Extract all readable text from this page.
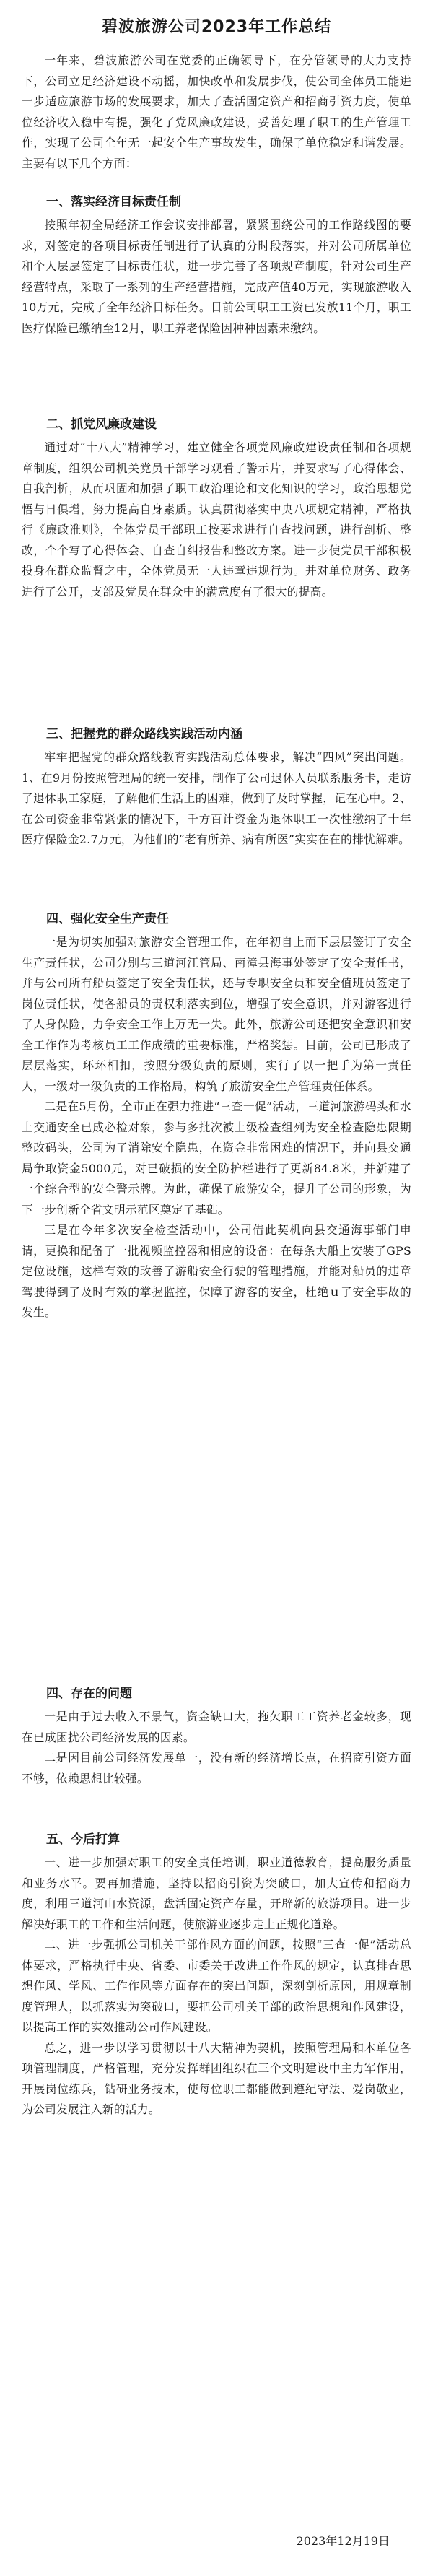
碧波旅游公司2023年工作总结

一年来，碧波旅游公司在党委的正确领导下，在分管领导的大力支持下，公司立足经济建设不动摇，加快改革和发展步伐，使公司全体员工能进一步适应旅游市场的发展要求，加大了查活固定资产和招商引资力度，使单位经济收入稳中有提，强化了党风廉政建设，妥善处理了职工的生产管理工作，实现了公司全年无一起安全生产事故发生，确保了单位稳定和谐发展。主要有以下几个方面：

一、落实经济目标责任制

按照年初全局经济工作会议安排部署，紧紧围绕公司的工作路线图的要求，对签定的各项目标责任制进行了认真的分时段落实，并对公司所属单位和个人层层签定了目标责任状，进一步完善了各项规章制度，针对公司生产经营特点，采取了一系列的生产经营措施，完成产值40万元，实现旅游收入10万元，完成了全年经济目标任务。目前公司职工工资已发放11个月，职工医疗保险已缴纳至12月，职工养老保险因种种因素未缴纳。

二、抓党风廉政建设

通过对“十八大”精神学习，建立健全各项党风廉政建设责任制和各项规章制度，组织公司机关党员干部学习观看了警示片，并要求写了心得体会、自我剖析，从而巩固和加强了职工政治理论和文化知识的学习，政治思想觉悟与日俱增，努力提高自身素质。认真贯彻落实中央八项规定精神，严格执行《廉政准则》，全体党员干部职工按要求进行自查找问题，进行剖析、整改，个个写了心得体会、自查自纠报告和整改方案。进一步使党员干部积极投身在群众监督之中，全体党员无一人违章违规行为。并对单位财务、政务进行了公开，支部及党员在群众中的满意度有了很大的提高。

三、把握党的群众路线实践活动内涵

牢牢把握党的群众路线教育实践活动总体要求，解决“四风”突出问题。1、在9月份按照管理局的统一安排，制作了公司退休人员联系服务卡，走访了退休职工家庭，了解他们生活上的困难，做到了及时掌握，记在心中。2、在公司资金非常紧张的情况下，千方百计资金为退休职工一次性缴纳了十年医疗保险金2.7万元，为他们的“老有所养、病有所医”实实在在的排忧解难。

四、强化安全生产责任

一是为切实加强对旅游安全管理工作，在年初自上而下层层签订了安全生产责任状，公司分别与三道河江管局、南漳县海事处签定了安全责任书，并与公司所有船员签定了安全责任状，还与专职安全员和安全值班员签定了岗位责任状，使各船员的责权利落实到位，增强了安全意识，并对游客进行了人身保险，力争安全工作上万无一失。此外，旅游公司还把安全意识和安全工作作为考核员工工作成绩的重要标准，严格奖惩。目前，公司已形成了层层落实，环环相扣，按照分级负责的原则，实行了以一把手为第一责任人，一级对一级负责的工作格局，构筑了旅游安全生产管理责任体系。

二是在5月份，全市正在强力推进“三查一促”活动，三道河旅游码头和水上交通安全已成必检对象，参与多批次被上级检查组列为安全检查隐患限期整改码头，公司为了消除安全隐患，在资金非常困难的情况下，并向县交通局争取资金5000元，对已破损的安全防护栏进行了更新84.8米，并新建了一个综合型的安全警示牌。为此，确保了旅游安全，提升了公司的形象，为下一步创新全省文明示范区奠定了基础。

三是在今年多次安全检查活动中，公司借此契机向县交通海事部门申请，更换和配备了一批视频监控器和相应的设备：在每条大船上安装了GPS定位设施，这样有效的改善了游船安全行驶的管理措施，并能对船员的违章驾驶得到了及时有效的掌握监控，保障了游客的安全，杜绝ｕ了安全事故的发生。

四、存在的问题

一是由于过去收入不景气，资金缺口大，拖欠职工工资养老金较多，现在已成困扰公司经济发展的因素。

二是因目前公司经济发展单一，没有新的经济增长点，在招商引资方面不够，依赖思想比较强。

五、今后打算

一、进一步加强对职工的安全责任培训，职业道德教育，提高服务质量和业务水平。要再加措施，坚持以招商引资为突破口，加大宣传和招商力度，利用三道河山水资源，盘活固定资产存量，开辟新的旅游项目。进一步解决好职工的工作和生活问题，使旅游业逐步走上正规化道路。

二、进一步强抓公司机关干部作风方面的问题，按照“三查一促”活动总体要求，严格执行中央、省委、市委关于改进工作作风的规定，认真排查思想作风、学风、工作作风等方面存在的突出问题，深刻剖析原因，用规章制度管理人，以抓落实为突破口，要把公司机关干部的政治思想和作风建设，以提高工作的实效推动公司作风建设。

总之，进一步以学习贯彻以十八大精神为契机，按照管理局和本单位各项管理制度，严格管理，充分发挥群团组织在三个文明建设中主力军作用，开展岗位练兵，钻研业务技术，使每位职工都能做到遵纪守法、爱岗敬业，为公司发展注入新的活力。

2023年12月19日
